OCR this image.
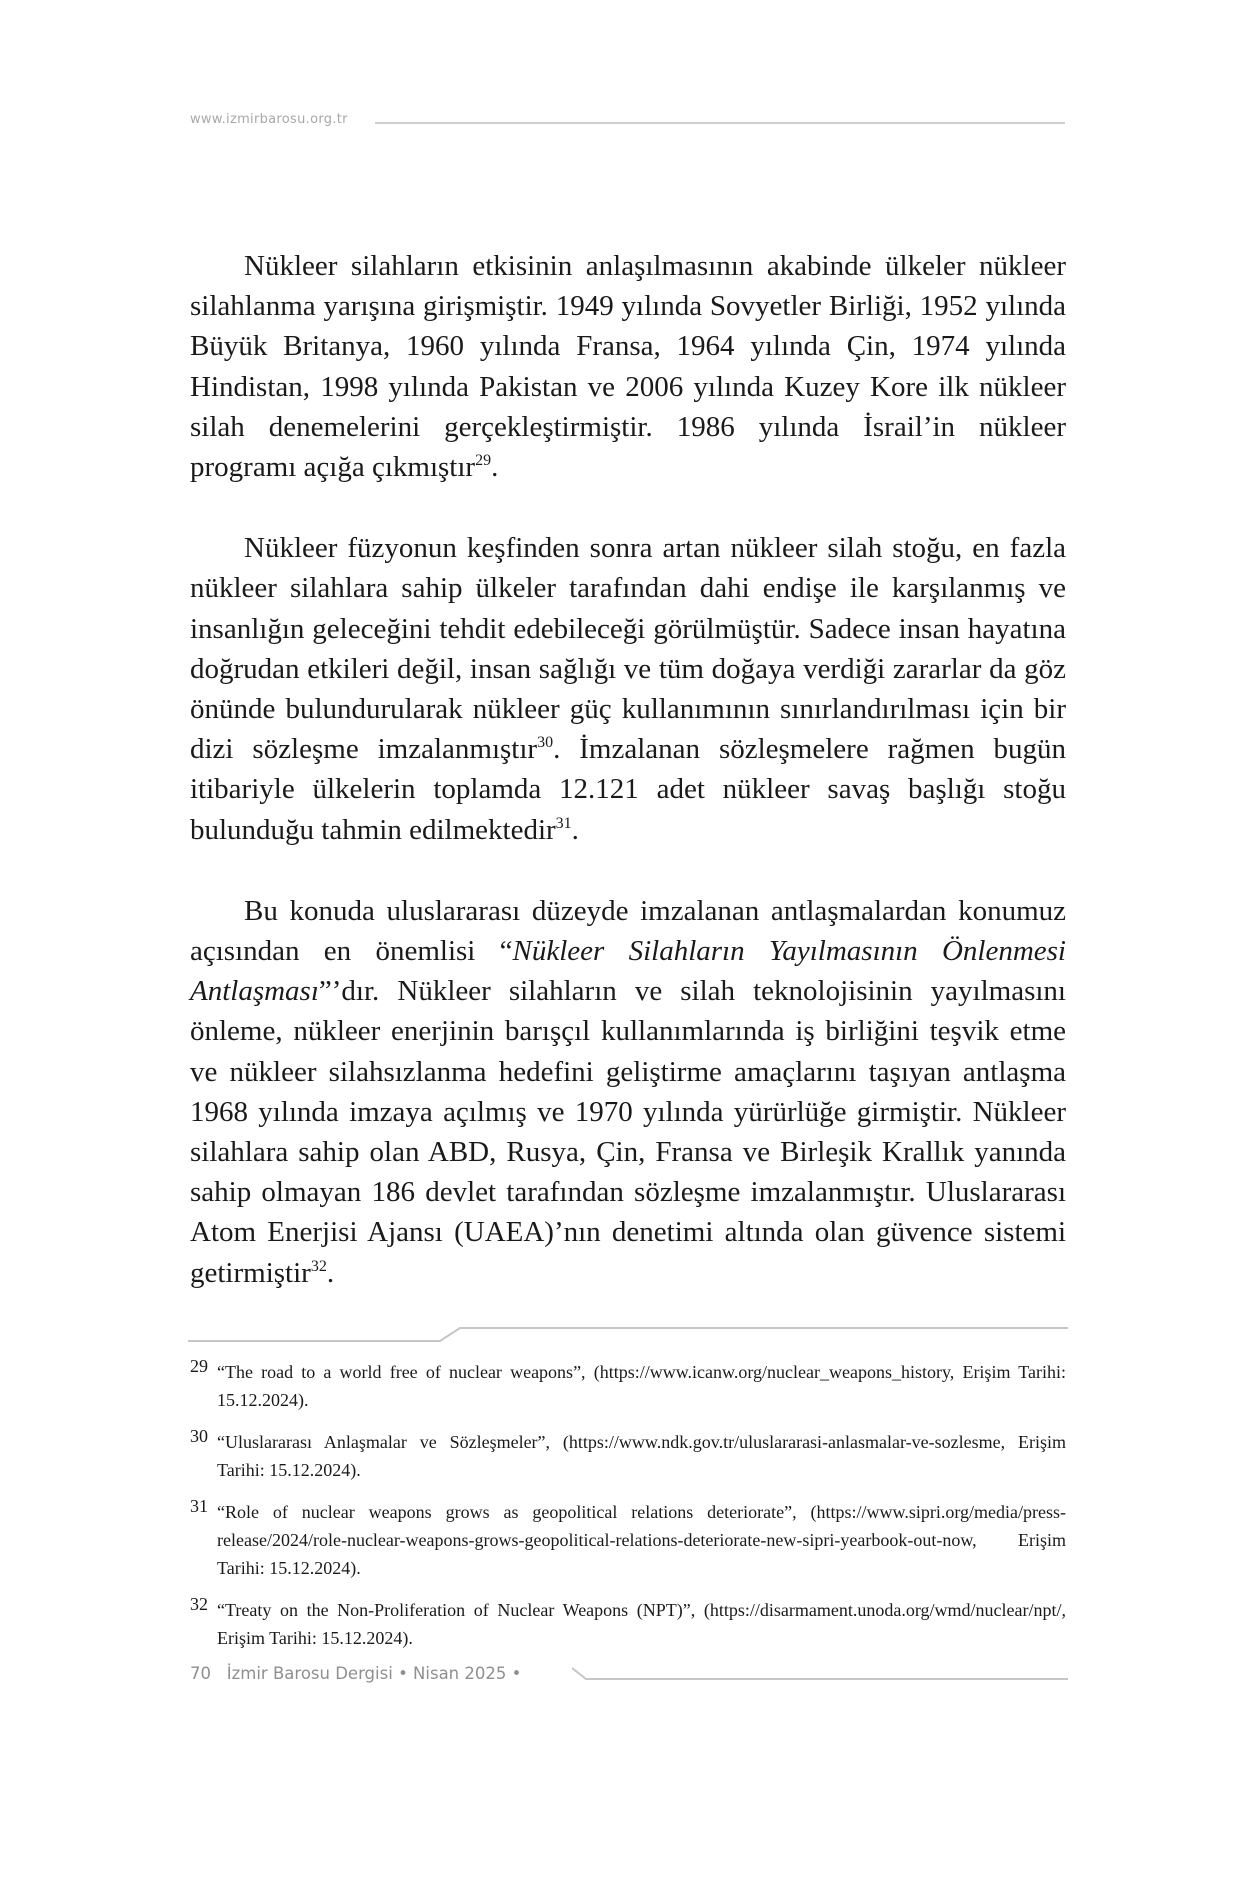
www.izmirbarosu.org.tr

Nükleer silahların etkisinin anlaşılmasının akabinde ülkeler nükleer silahlanma yarışına girişmiştir. 1949 yılında Sovyetler Birliği, 1952 yılında Büyük Britanya, 1960 yılında Fransa, 1964 yılında Çin, 1974 yılında Hindistan, 1998 yılında Pakistan ve 2006 yılında Kuzey Kore ilk nükleer silah denemelerini gerçekleştirmiştir. 1986 yılında İsrail’in nükleer programı açığa çıkmıştır$^{29}$.

Nükleer füzyonun keşfinden sonra artan nükleer silah stoğu, en fazla nükleer silahlara sahip ülkeler tarafından dahi endişe ile karşılanmış ve insanlığın geleceğini tehdit edebileceği görülmüştür. Sadece insan hayatına doğrudan etkileri değil, insan sağlığı ve tüm doğaya verdiği zararlar da göz önünde bulundurularak nükleer güç kullanımının sınırlandırılması için bir dizi sözleşme imzalanmıştır$^{30}$. İmzalanan sözleşmelere rağmen bugün itibariyle ülkelerin toplamda 12.121 adet nükleer savaş başlığı stoğu bulunduğu tahmin edilmektedir$^{31}$.

Bu konuda uluslararası düzeyde imzalanan antlaşmalardan konumuz açısından en önemlisi “Nükleer Silahların Yayılmasının Önlenmesi Antlaşması”’dır. Nükleer silahların ve silah teknolojisinin yayılmasını önleme, nükleer enerjinin barışçıl kullanımlarında iş birliğini teşvik etme ve nükleer silahsızlanma hedefini geliştirme amaçlarını taşıyan antlaşma 1968 yılında imzaya açılmış ve 1970 yılında yürürlüğe girmiştir. Nükleer silahlara sahip olan ABD, Rusya, Çin, Fransa ve Birleşik Krallık yanında sahip olmayan 186 devlet tarafından sözleşme imzalanmıştır. Uluslararası Atom Enerjisi Ajansı (UAEA)’nın denetimi altında olan güvence sistemi getirmiştir$^{32}$.

29 “The road to a world free of nuclear weapons”, (https://www.icanw.org/nuclear_weapons_history, Erişim Tarihi: 15.12.2024).
30 “Uluslararası Anlaşmalar ve Sözleşmeler”, (https://www.ndk.gov.tr/uluslararasi-anlasmalar-ve-sozlesme, Erişim Tarihi: 15.12.2024).
31 “Role of nuclear weapons grows as geopolitical relations deteriorate”, (https://www.sipri.org/media/press-release/2024/role-nuclear-weapons-grows-geopolitical-relations-deteriorate-new-sipri-yearbook-out-now, Erişim Tarihi: 15.12.2024).
32 “Treaty on the Non-Proliferation of Nuclear Weapons (NPT)”, (https://disarmament.unoda.org/wmd/nuclear/npt/, Erişim Tarihi: 15.12.2024).
70 İzmir Barosu Dergisi • Nisan 2025 •
